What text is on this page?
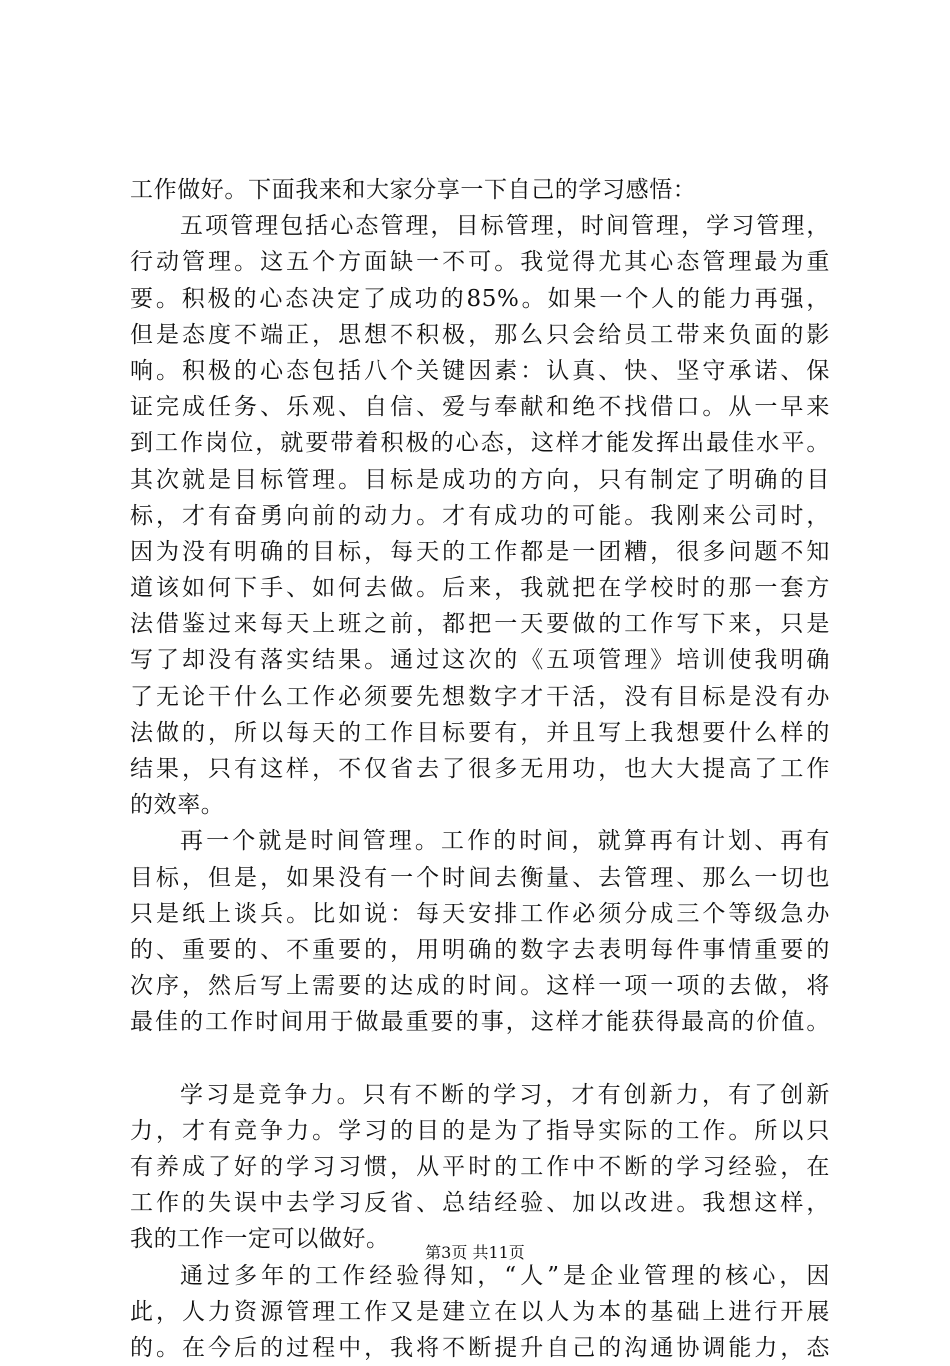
工作做好。下面我来和大家分享一下自己的学习感悟：
五项管理包括心态管理，目标管理，时间管理，学习管理，
行动管理。这五个方面缺一不可。我觉得尤其心态管理最为重
要。积极的心态决定了成功的85%。如果一个人的能力再强，
但是态度不端正，思想不积极，那么只会给员工带来负面的影
响。积极的心态包括八个关键因素：认真、快、坚守承诺、保
证完成任务、乐观、自信、爱与奉献和绝不找借口。从一早来
到工作岗位，就要带着积极的心态，这样才能发挥出最佳水平。
其次就是目标管理。目标是成功的方向，只有制定了明确的目
标，才有奋勇向前的动力。才有成功的可能。我刚来公司时，
因为没有明确的目标，每天的工作都是一团糟，很多问题不知
道该如何下手、如何去做。后来，我就把在学校时的那一套方
法借鉴过来每天上班之前，都把一天要做的工作写下来，只是
写了却没有落实结果。通过这次的《五项管理》培训使我明确
了无论干什么工作必须要先想数字才干活，没有目标是没有办
法做的，所以每天的工作目标要有，并且写上我想要什么样的
结果，只有这样，不仅省去了很多无用功，也大大提高了工作
的效率。
再一个就是时间管理。工作的时间，就算再有计划、再有
目标，但是，如果没有一个时间去衡量、去管理、那么一切也
只是纸上谈兵。比如说：每天安排工作必须分成三个等级急办
的、重要的、不重要的，用明确的数字去表明每件事情重要的
次序，然后写上需要的达成的时间。这样一项一项的去做，将
最佳的工作时间用于做最重要的事，这样才能获得最高的价值。
学习是竞争力。只有不断的学习，才有创新力，有了创新
力，才有竞争力。学习的目的是为了指导实际的工作。所以只
有养成了好的学习习惯，从平时的工作中不断的学习经验，在
工作的失误中去学习反省、总结经验、加以改进。我想这样，
我的工作一定可以做好。
通过多年的工作经验得知，“人”是企业管理的核心，因
此，人力资源管理工作又是建立在以人为本的基础上进行开展
的。在今后的过程中，我将不断提升自己的沟通协调能力，态
第3页 共11页
